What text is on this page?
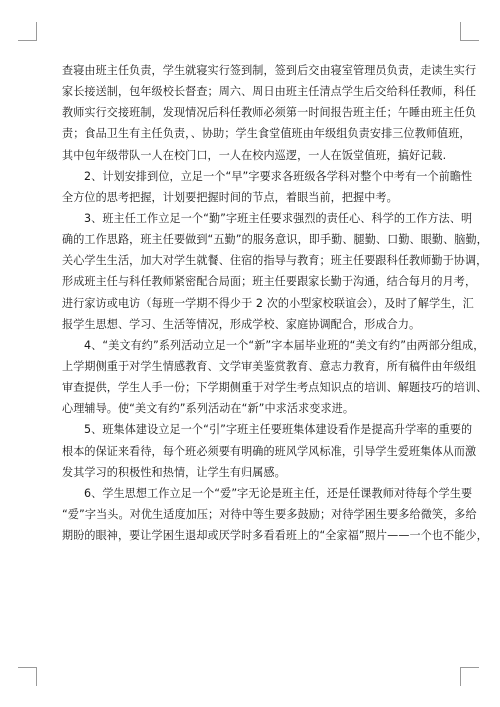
查寝由班主任负责，学生就寝实行签到制，签到后交由寝室管理员负责，走读生实行
家长接送制，包年级校长督查；周六、周日由班主任清点学生后交给科任教师，科任
教师实行交接班制，发现情况后科任教师必须第一时间报告班主任；午睡由班主任负
责；食品卫生有主任负责，、协助；学生食堂值班由年级组负责安排三位教师值班，
其中包年级带队一人在校门口，一人在校内巡逻，一人在饭堂值班，搞好记载.
2、计划安排到位，立足一个“早”字要求各班级各学科对整个中考有一个前瞻性
全方位的思考把握，计划要把握时间的节点，着眼当前，把握中考。
3、班主任工作立足一个“勤”字班主任要求强烈的责任心、科学的工作方法、明
确的工作思路，班主任要做到“五勤”的服务意识，即手勤、腿勤、口勤、眼勤、脑勤，
关心学生生活，加大对学生就餐、住宿的指导与教育；班主任要跟科任教师勤于协调，
形成班主任与科任教师紧密配合局面；班主任要跟家长勤于沟通，结合每月的月考，
进行家访或电访（每班一学期不得少于 2 次的小型家校联谊会），及时了解学生，汇
报学生思想、学习、生活等情况，形成学校、家庭协调配合，形成合力。
4、“美文有约”系列活动立足一个“新”字本届毕业班的“美文有约”由两部分组成，
上学期侧重于对学生情感教育、文学审美鉴赏教育、意志力教育，所有稿件由年级组
审查提供，学生人手一份；下学期侧重于对学生考点知识点的培训、解题技巧的培训、
心理辅导。使“美文有约”系列活动在“新”中求活求变求进。
5、班集体建设立足一个“引”字班主任要班集体建设看作是提高升学率的重要的
根本的保证来看待，每个班必须要有明确的班风学风标准，引导学生爱班集体从而激
发其学习的积极性和热情，让学生有归属感。
6、学生思想工作立足一个“爱”字无论是班主任，还是任课教师对待每个学生要
“爱”字当头。对优生适度加压；对待中等生要多鼓励；对待学困生要多给微笑，多给
期盼的眼神，要让学困生退却或厌学时多看看班上的“全家福”照片——一个也不能少，
